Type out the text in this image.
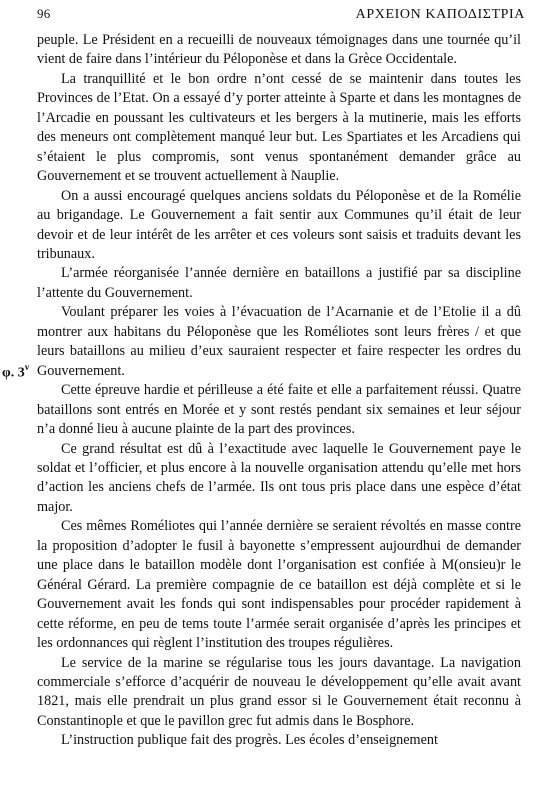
96	ΑΡΧΕΙΟΝ ΚΑΠΟΔΙΣΤΡΙΑ
φ. 3$^v$

peuple. Le Président en a recueilli de nouveaux témoignages dans une tournée qu’il vient de faire dans l’intérieur du Péloponèse et dans la Grèce Occidentale.

La tranquillité et le bon ordre n’ont cessé de se maintenir dans toutes les Provinces de l’Etat. On a essayé d’y porter atteinte à Sparte et dans les montagnes de l’Arcadie en poussant les cultivateurs et les bergers à la mutinerie, mais les efforts des meneurs ont complètement manqué leur but. Les Spartiates et les Arcadiens qui s’étaient le plus compromis, sont venus spontanément demander grâce au Gouvernement et se trouvent actuellement à Nauplie.

On a aussi encouragé quelques anciens soldats du Péloponèse et de la Romélie au brigandage. Le Gouvernement a fait sentir aux Communes qu’il était de leur devoir et de leur intérêt de les arrêter et ces voleurs sont saisis et traduits devant les tribunaux.

L’armée réorganisée l’année dernière en bataillons a justifié par sa discipline l’attente du Gouvernement.

Voulant préparer les voies à l’évacuation de l’Acarnanie et de l’Etolie il a dû montrer aux habitans du Péloponèse que les Roméliotes sont leurs frères / et que leurs bataillons au milieu d’eux sauraient respecter et faire respecter les ordres du Gouvernement.

Cette épreuve hardie et périlleuse a été faite et elle a parfaitement réussi. Quatre bataillons sont entrés en Morée et y sont restés pendant six semaines et leur séjour n’a donné lieu à aucune plainte de la part des provinces.

Ce grand résultat est dû à l’exactitude avec laquelle le Gouvernement paye le soldat et l’officier, et plus encore à la nouvelle organisation attendu qu’elle met hors d’action les anciens chefs de l’armée. Ils ont tous pris place dans une espèce d’état major.

Ces mêmes Roméliotes qui l’année dernière se seraient révoltés en masse contre la proposition d’adopter le fusil à bayonette s’empressent aujourdhui de demander une place dans le bataillon modèle dont l’organisation est confiée à M(onsieu)r le Général Gérard. La première compagnie de ce bataillon est déjà complète et si le Gouvernement avait les fonds qui sont indispensables pour procéder rapidement à cette réforme, en peu de tems toute l’armée serait organisée d’après les principes et les ordonnances qui règlent l’institution des troupes régulières.

Le service de la marine se régularise tous les jours davantage. La navigation commerciale s’efforce d’acquérir de nouveau le développement qu’elle avait avant 1821, mais elle prendrait un plus grand essor si le Gouvernement était reconnu à Constantinople et que le pavillon grec fut admis dans le Bosphore.

L’instruction publique fait des progrès. Les écoles d’enseignement
